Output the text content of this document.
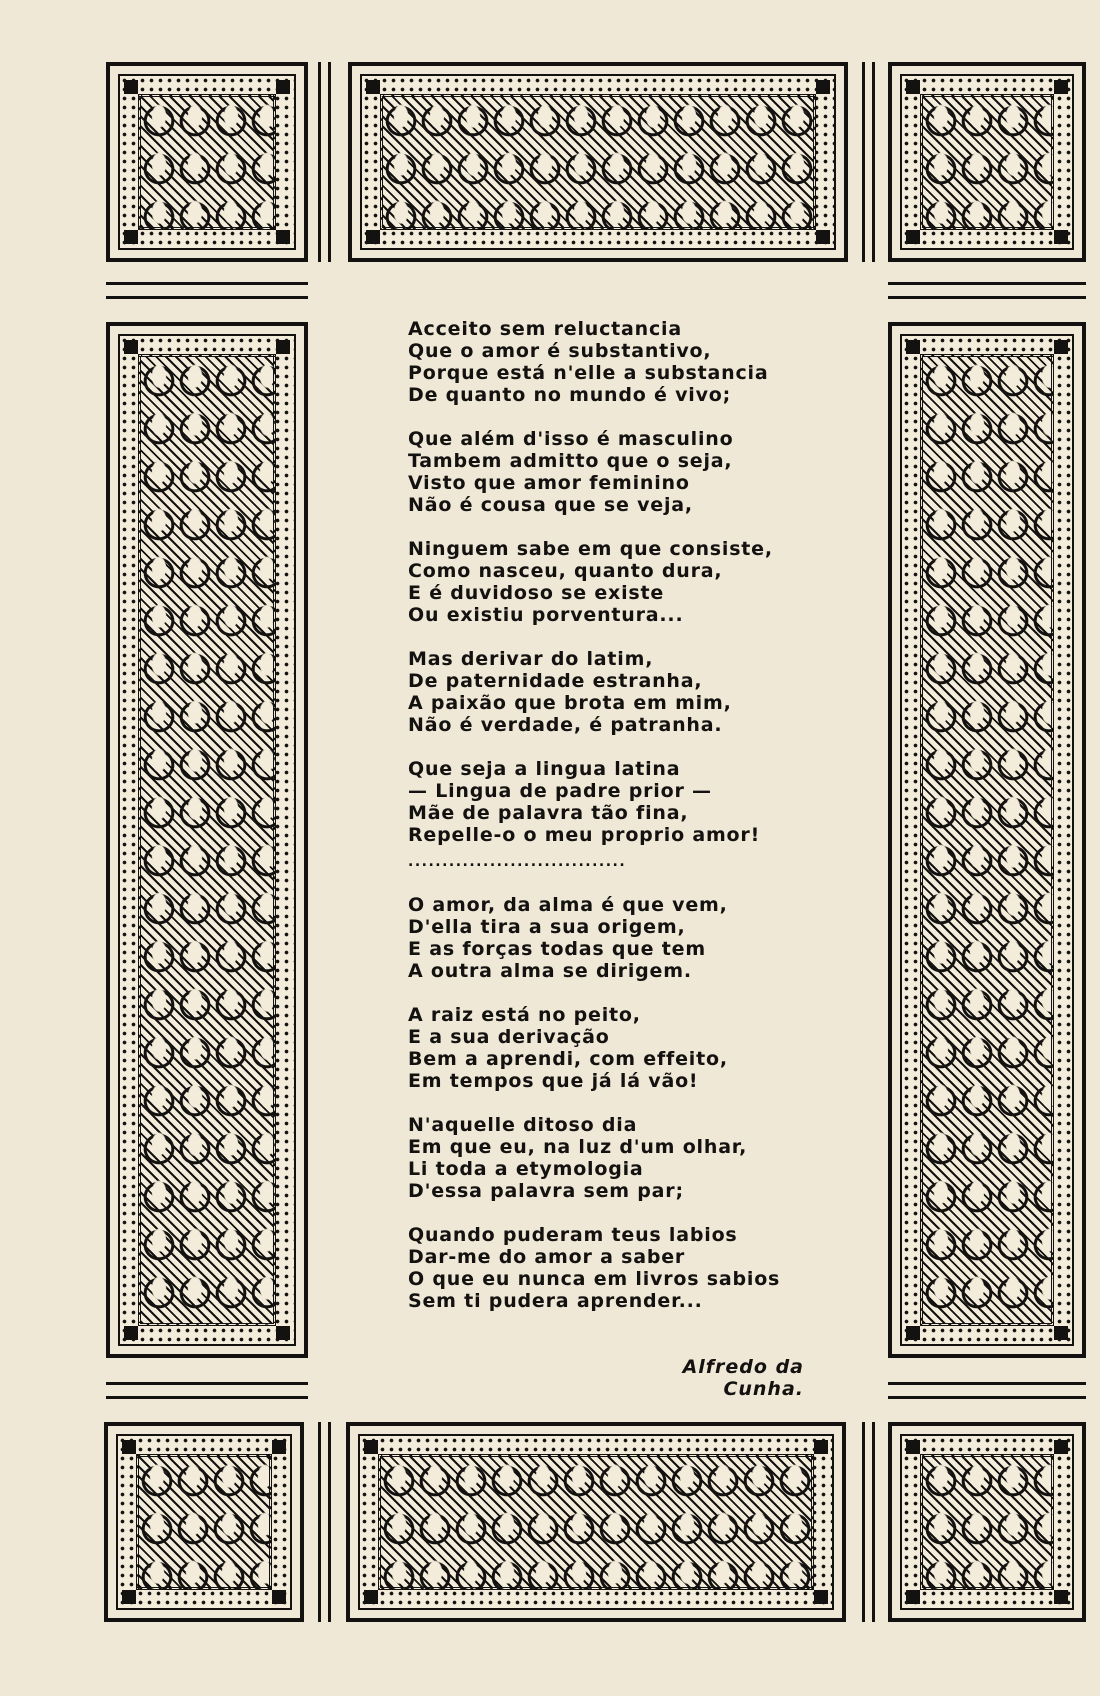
Acceito sem reluctancia
Que o amor é substantivo,
Porque está n'elle a substancia
De quanto no mundo é vivo;
Que além d'isso é masculino
Tambem admitto que o seja,
Visto que amor feminino
Não é cousa que se veja,
Ninguem sabe em que consiste,
Como nasceu, quanto dura,
E é duvidoso se existe
Ou existiu porventura...
Mas derivar do latim,
De paternidade estranha,
A paixão que brota em mim,
Não é verdade, é patranha.
Que seja a lingua latina
— Lingua de padre prior —
Mãe de palavra tão fina,
Repelle-o o meu proprio amor!
................................
O amor, da alma é que vem,
D'ella tira a sua origem,
E as forças todas que tem
A outra alma se dirigem.
A raiz está no peito,
E a sua derivação
Bem a aprendi, com effeito,
Em tempos que já lá vão!
N'aquelle ditoso dia
Em que eu, na luz d'um olhar,
Li toda a etymologia
D'essa palavra sem par;
Quando puderam teus labios
Dar-me do amor a saber
O que eu nunca em livros sabios
Sem ti pudera aprender...
Alfredo da Cunha.
